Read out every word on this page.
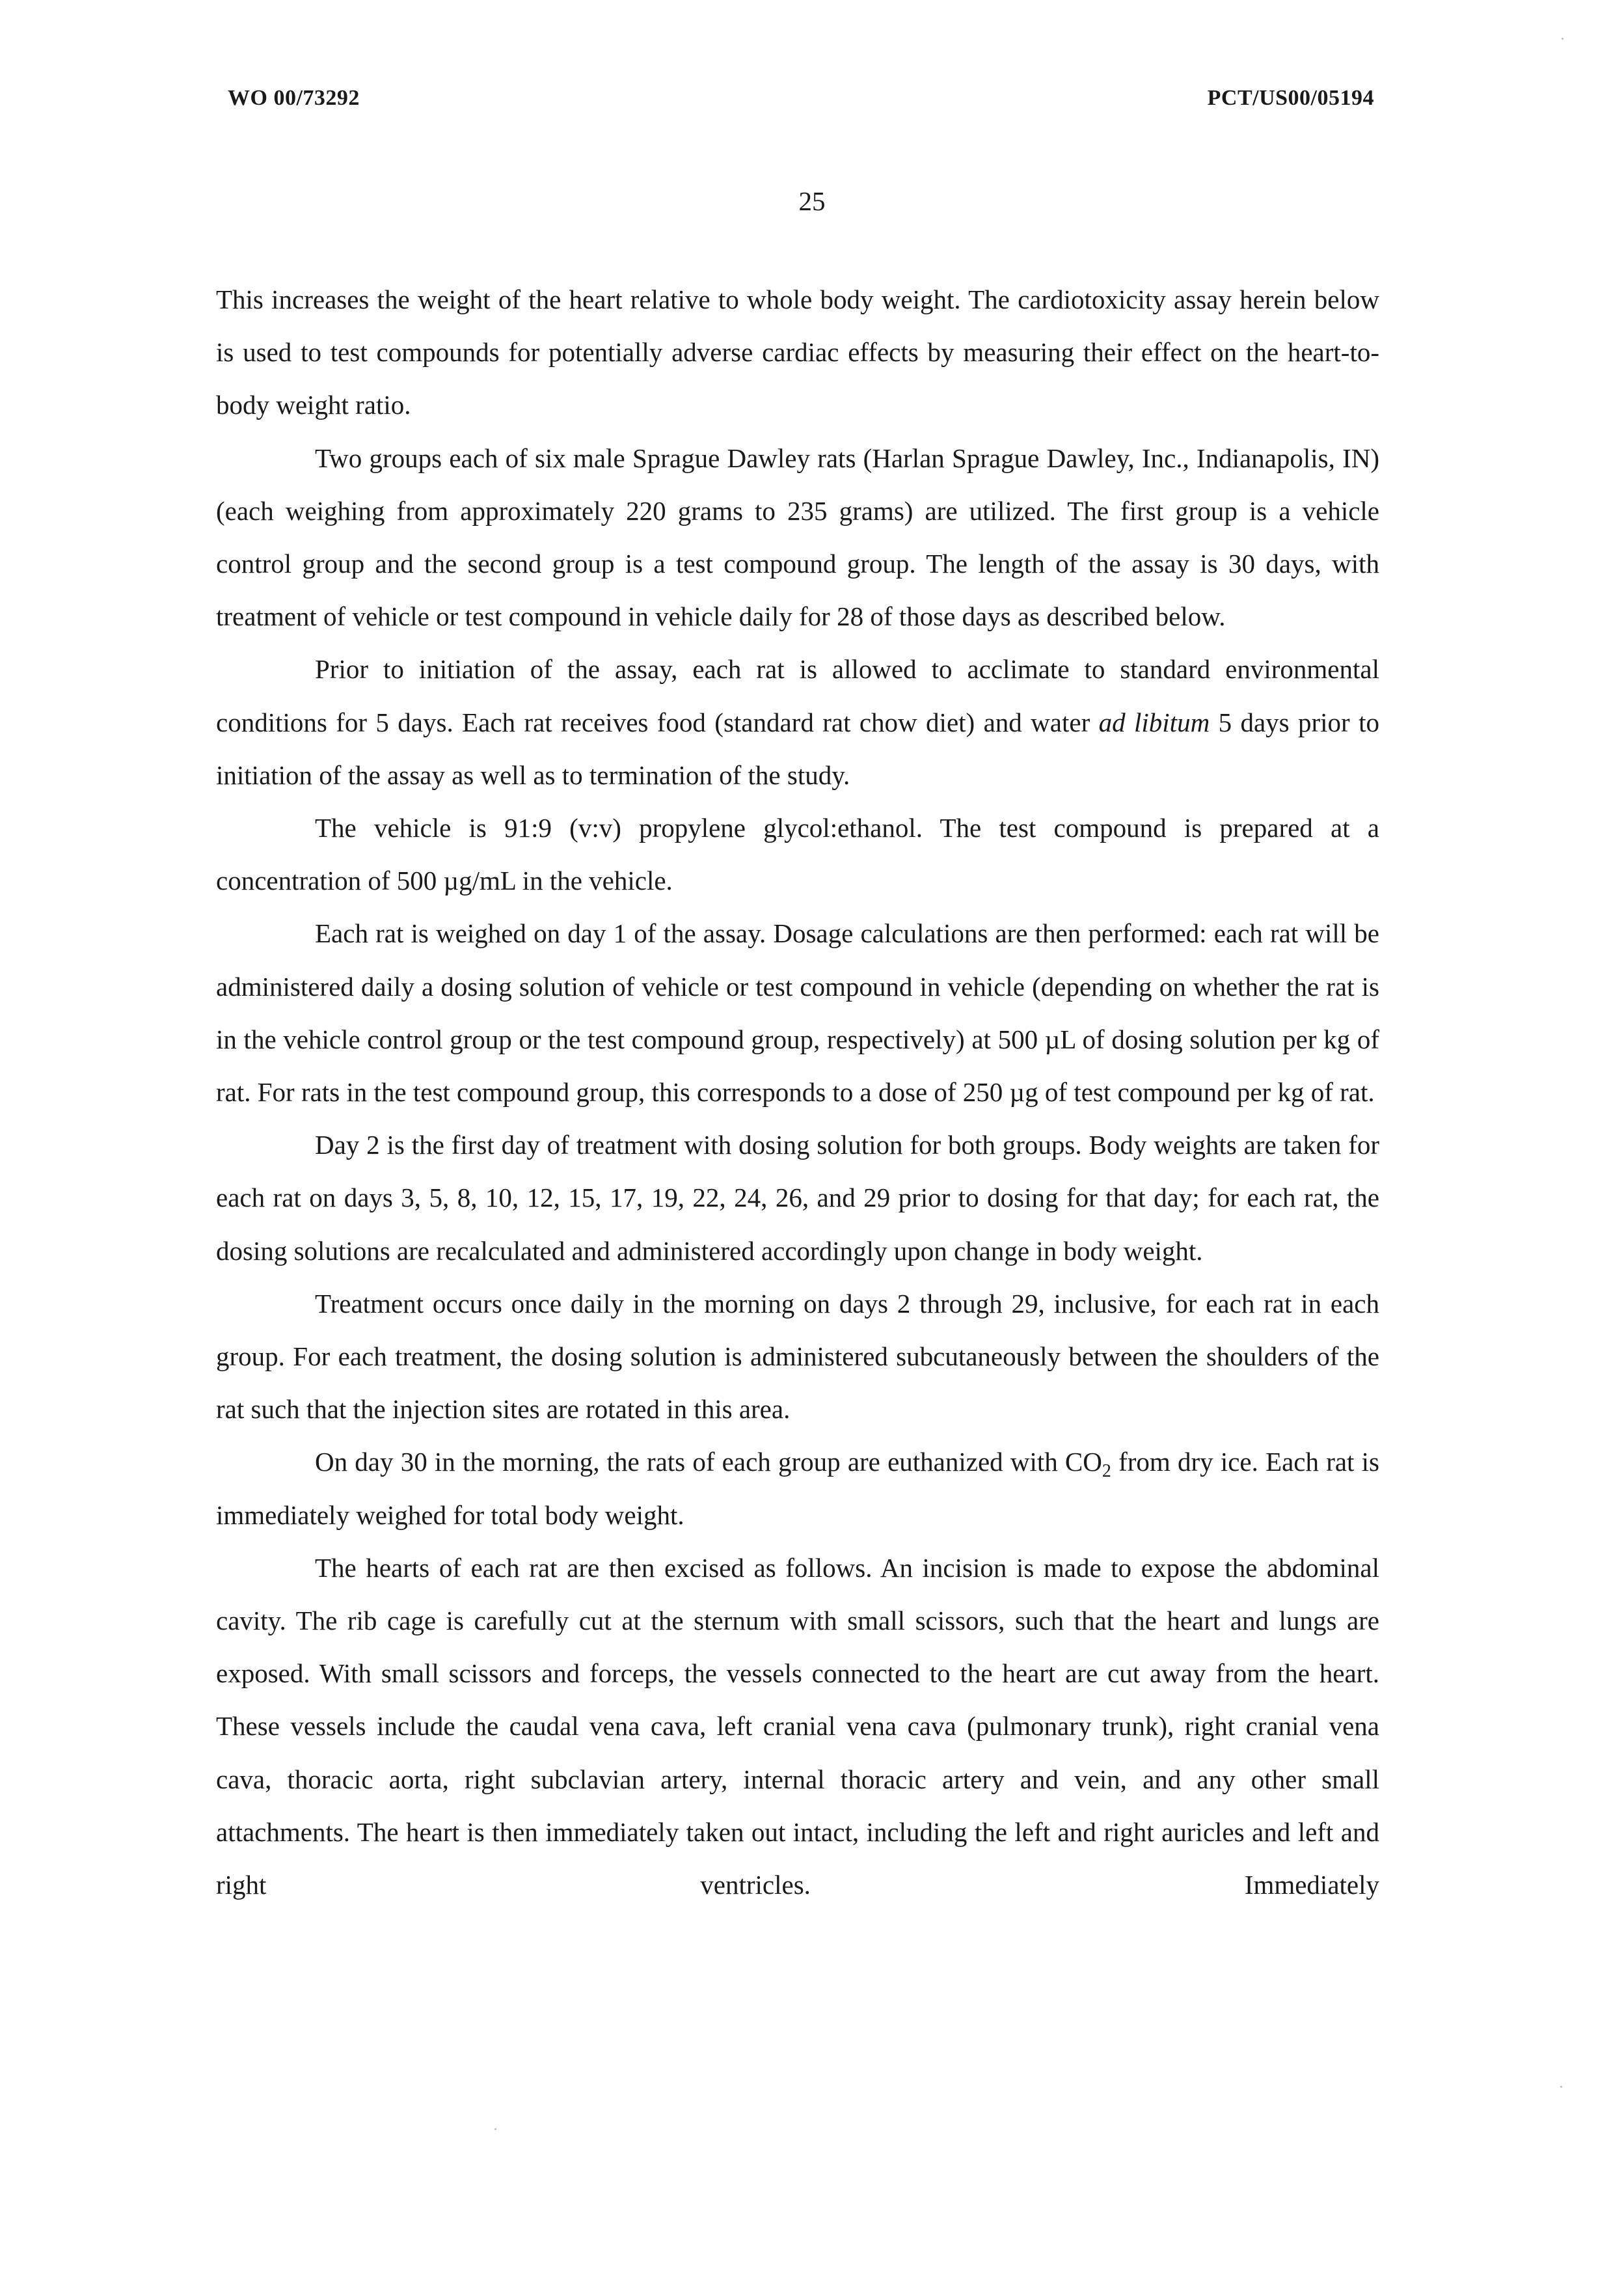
WO 00/73292	PCT/US00/05194
25

This increases the weight of the heart relative to whole body weight. The cardiotoxicity assay herein below is used to test compounds for potentially adverse cardiac effects by measuring their effect on the heart-to-body weight ratio.

Two groups each of six male Sprague Dawley rats (Harlan Sprague Dawley, Inc., Indianapolis, IN) (each weighing from approximately 220 grams to 235 grams) are utilized. The first group is a vehicle control group and the second group is a test compound group. The length of the assay is 30 days, with treatment of vehicle or test compound in vehicle daily for 28 of those days as described below.

Prior to initiation of the assay, each rat is allowed to acclimate to standard environmental conditions for 5 days. Each rat receives food (standard rat chow diet) and water ad libitum 5 days prior to initiation of the assay as well as to termination of the study.

The vehicle is 91:9 (v:v) propylene glycol:ethanol. The test compound is prepared at a concentration of 500 µg/mL in the vehicle.

Each rat is weighed on day 1 of the assay. Dosage calculations are then performed: each rat will be administered daily a dosing solution of vehicle or test compound in vehicle (depending on whether the rat is in the vehicle control group or the test compound group, respectively) at 500 µL of dosing solution per kg of rat. For rats in the test compound group, this corresponds to a dose of 250 µg of test compound per kg of rat.

Day 2 is the first day of treatment with dosing solution for both groups. Body weights are taken for each rat on days 3, 5, 8, 10, 12, 15, 17, 19, 22, 24, 26, and 29 prior to dosing for that day; for each rat, the dosing solutions are recalculated and administered accordingly upon change in body weight.

Treatment occurs once daily in the morning on days 2 through 29, inclusive, for each rat in each group. For each treatment, the dosing solution is administered subcutaneously between the shoulders of the rat such that the injection sites are rotated in this area.

On day 30 in the morning, the rats of each group are euthanized with $CO_2$ from dry ice. Each rat is immediately weighed for total body weight.

The hearts of each rat are then excised as follows. An incision is made to expose the abdominal cavity. The rib cage is carefully cut at the sternum with small scissors, such that the heart and lungs are exposed. With small scissors and forceps, the vessels connected to the heart are cut away from the heart. These vessels include the caudal vena cava, left cranial vena cava (pulmonary trunk), right cranial vena cava, thoracic aorta, right subclavian artery, internal thoracic artery and vein, and any other small attachments. The heart is then immediately taken out intact, including the left and right auricles and left and right ventricles. Immediately
